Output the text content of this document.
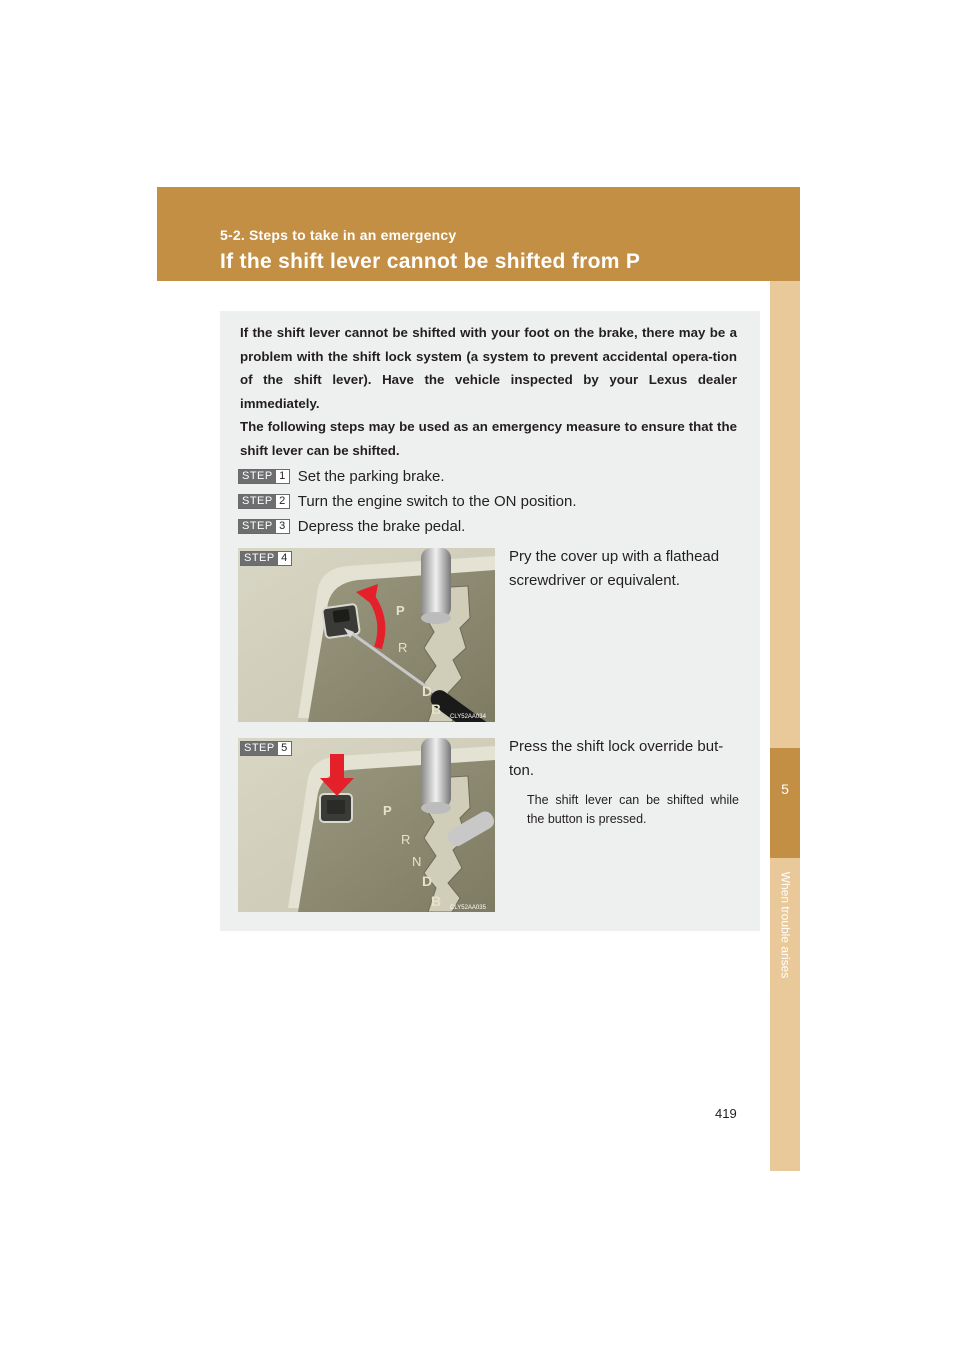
5-2. Steps to take in an emergency
If the shift lever cannot be shifted from P
5
When trouble arises

If the shift lever cannot be shifted with your foot on the brake, there may be a problem with the shift lock system (a system to prevent accidental opera-tion of the shift lever). Have the vehicle inspected by your Lexus dealer immediately.

The following steps may be used as an emergency measure to ensure that the shift lever can be shifted.

STEP 1 Set the parking brake.
STEP 2 Turn the engine switch to the ON position.
STEP 3 Depress the brake pedal.
P
R
D
B CLY52AA034
STEP 4	Pry the cover up with a flathead screwdriver or equivalent.
P
R
N
D
B CLY52AA035
STEP 5	Press the shift lock override but-ton.
The shift lever can be shifted while the button is pressed.
419
